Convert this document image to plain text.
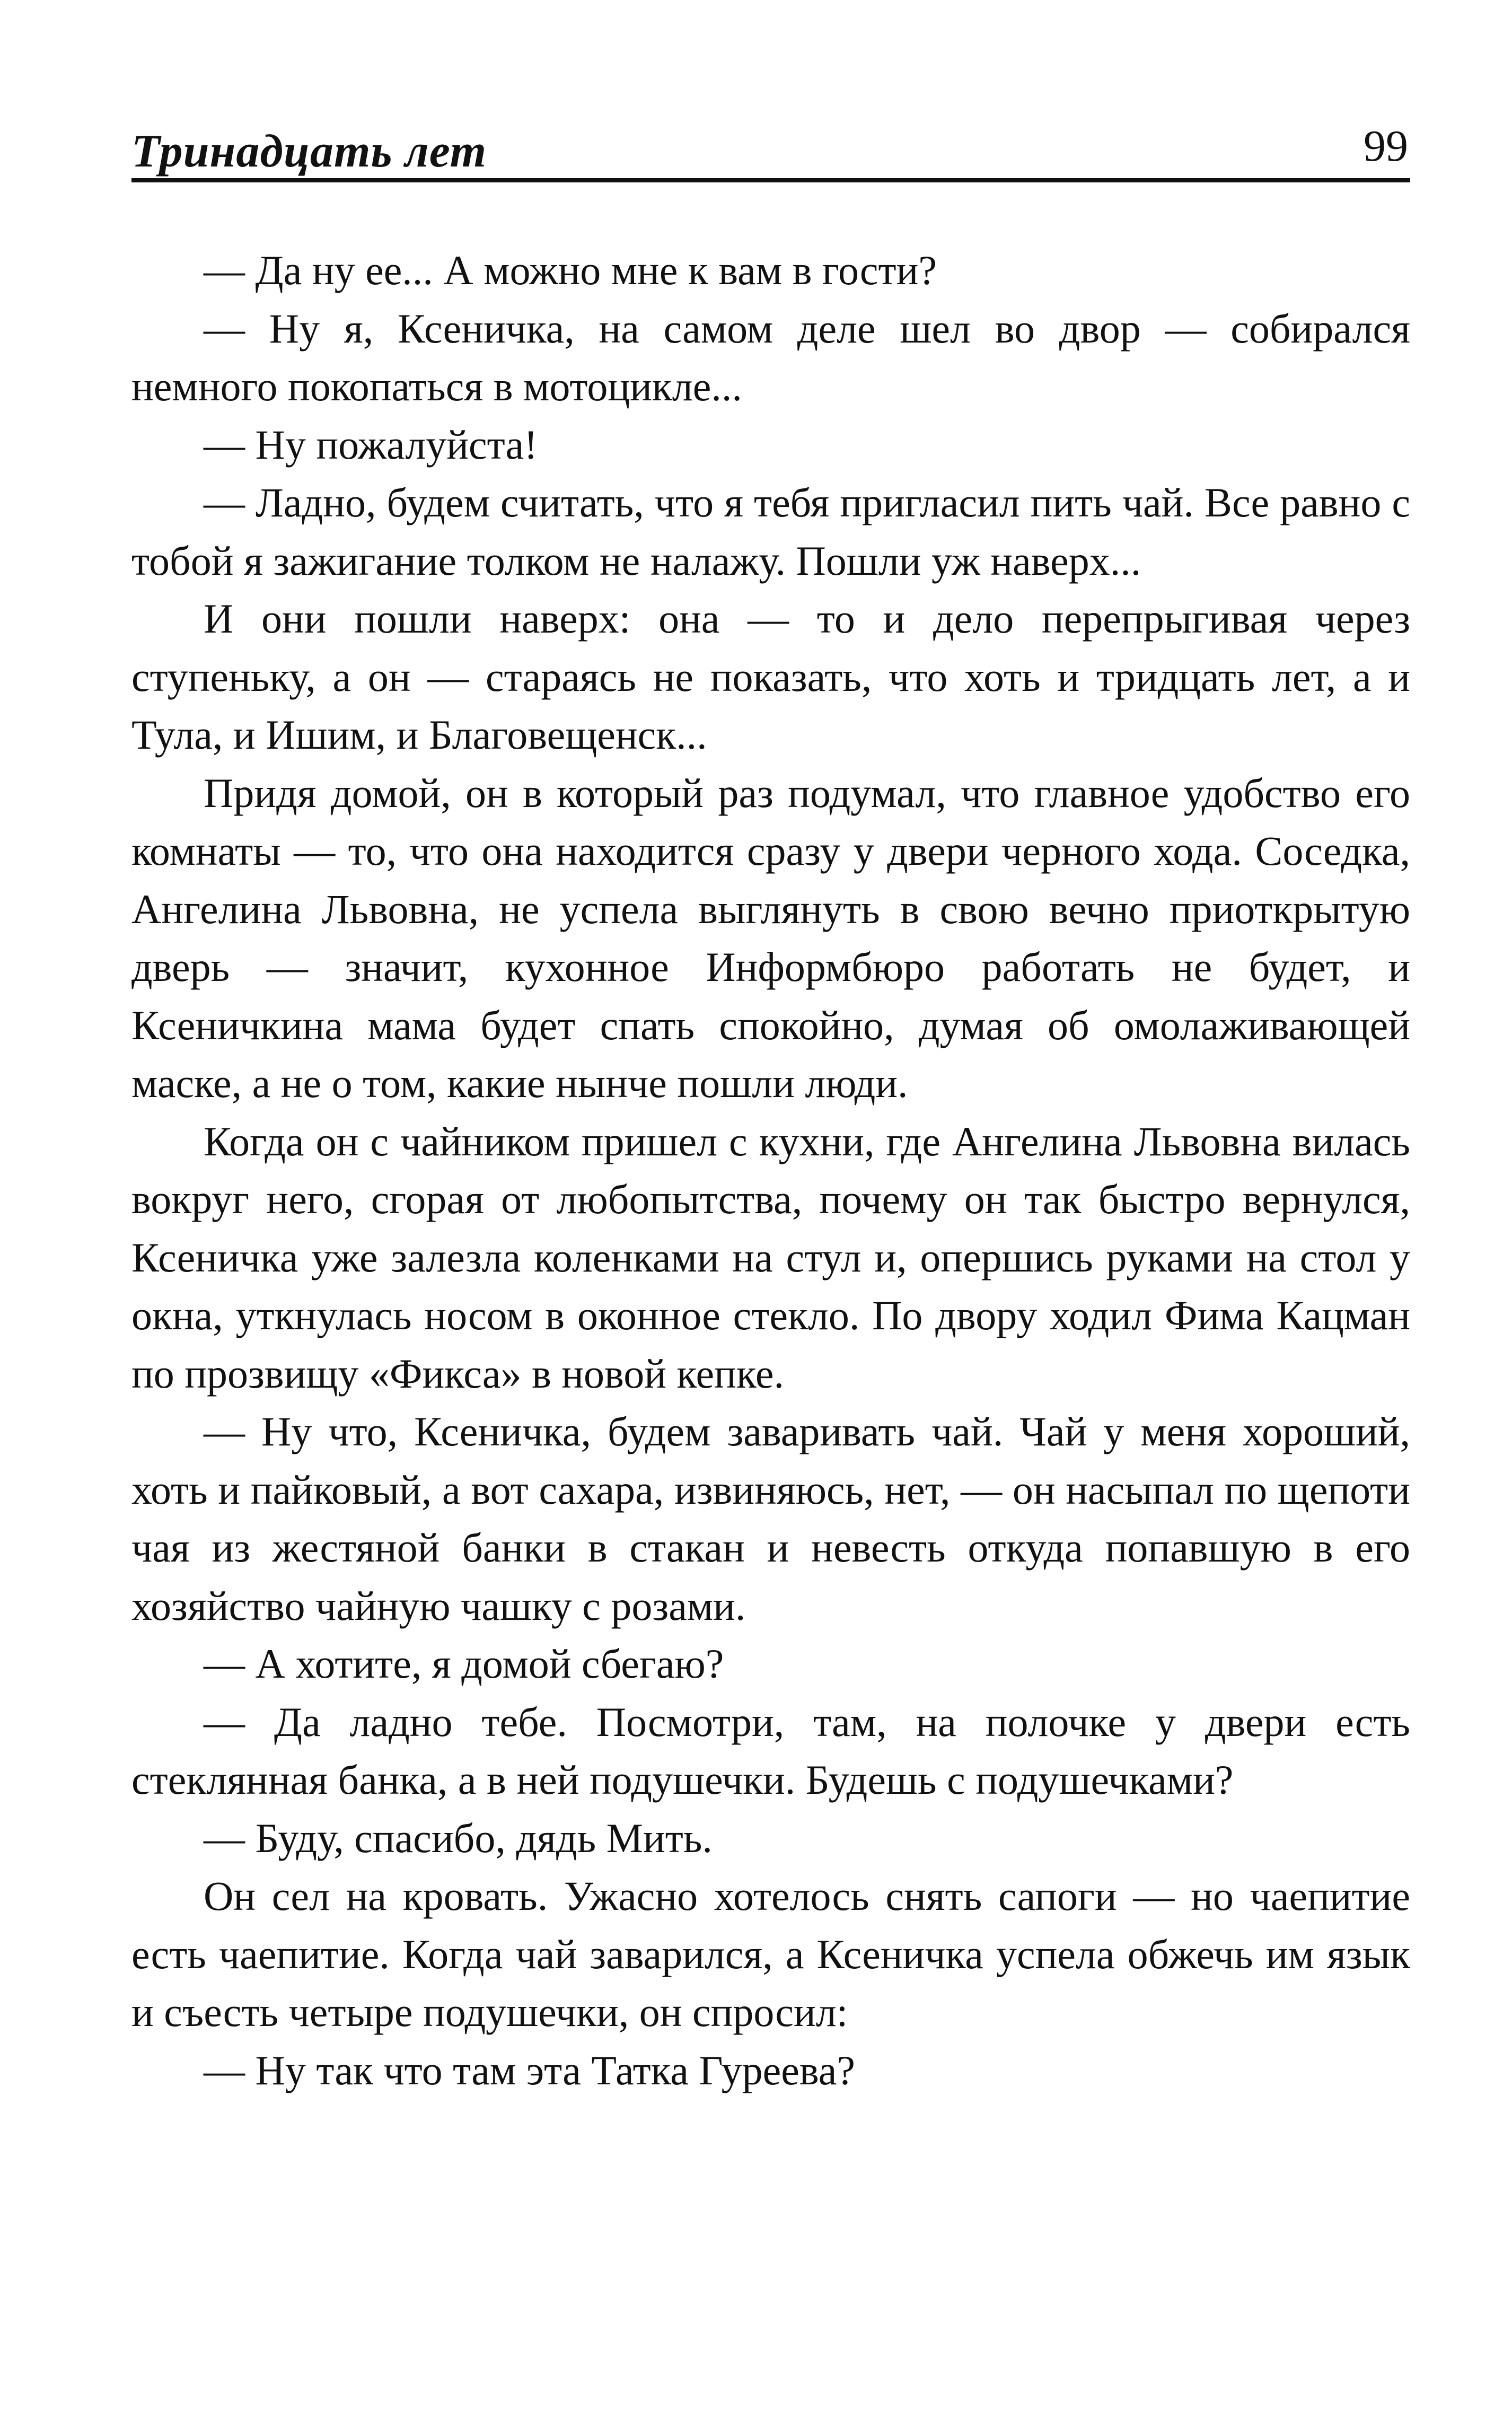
Тринадцать лет	99

— Да ну ее... А можно мне к вам в гости?

— Ну я, Ксеничка, на самом деле шел во двор — собирался немного покопаться в мотоцикле...

— Ну пожалуйста!

— Ладно, будем считать, что я тебя пригласил пить чай. Все равно с тобой я зажигание толком не налажу. Пошли уж наверх...

И они пошли наверх: она — то и дело перепрыгивая через ступеньку, а он — стараясь не показать, что хоть и тридцать лет, а и Тула, и Ишим, и Благовещенск...

Придя домой, он в который раз подумал, что главное удобство его комнаты — то, что она находится сразу у двери черного хода. Соседка, Ангелина Львовна, не успела выглянуть в свою вечно приоткрытую дверь — значит, кухонное Информбюро работать не будет, и Ксеничкина мама будет спать спокойно, думая об омолаживающей маске, а не о том, какие нынче пошли люди.

Когда он с чайником пришел с кухни, где Ангелина Львовна вилась вокруг него, сгорая от любопытства, почему он так быстро вернулся, Ксеничка уже залезла коленками на стул и, опершись руками на стол у окна, уткнулась носом в оконное стекло. По двору ходил Фима Кацман по прозвищу «Фикса» в новой кепке.

— Ну что, Ксеничка, будем заваривать чай. Чай у меня хороший, хоть и пайковый, а вот сахара, извиняюсь, нет, — он насыпал по щепоти чая из жестяной банки в стакан и невесть откуда попавшую в его хозяйство чайную чашку с розами.

— А хотите, я домой сбегаю?

— Да ладно тебе. Посмотри, там, на полочке у двери есть стеклянная банка, а в ней подушечки. Будешь с подушечками?

— Буду, спасибо, дядь Мить.

Он сел на кровать. Ужасно хотелось снять сапоги — но чаепитие есть чаепитие. Когда чай заварился, а Ксеничка успела обжечь им язык и съесть четыре подушечки, он спросил:

— Ну так что там эта Татка Гуреева?
